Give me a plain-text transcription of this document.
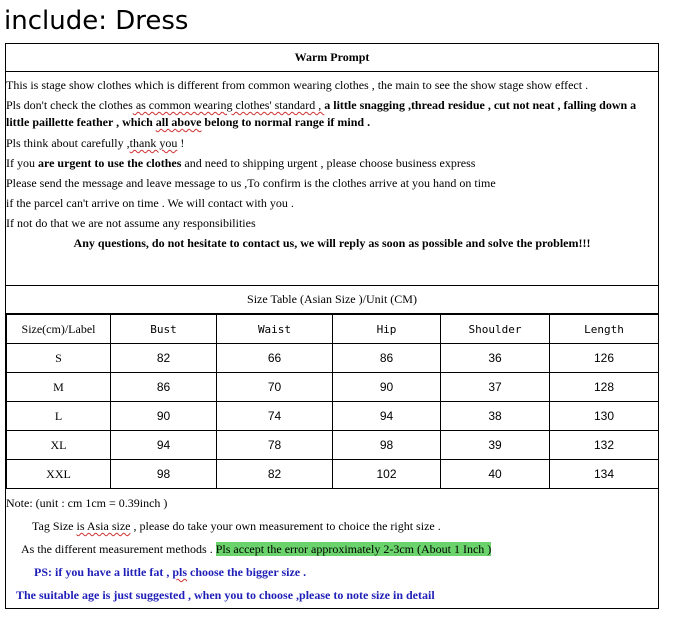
include: Dress
Warm Prompt
This is stage show clothes which is different from common wearing clothes , the main to see the show stage show effect .
Pls don't check the clothes as common wearing clothes' standard , a little snagging ,thread residue , cut not neat , falling down a little paillette feather , which all above belong to normal range if mind .
Pls think about carefully ,thank you !
If you are urgent to use the clothes and need to shipping urgent , please choose business express
Please send the message and leave message to us ,To confirm is the clothes arrive at you hand on time
if the parcel can't arrive on time . We will contact with you .
If not do that we are not assume any responsibilities
Any questions, do not hesitate to contact us, we will reply as soon as possible and solve the problem!!!
Size Table (Asian Size )/Unit (CM)
Size(cm)/Label	Bust	Waist	Hip	Shoulder	Length
S	82	66	86	36	126
M	86	70	90	37	128
L	90	74	94	38	130
XL	94	78	98	39	132
XXL	98	82	102	40	134
Note: (unit : cm 1cm = 0.39inch )
Tag Size is Asia size , please do take your own measurement to choice the right size .
As the different measurement methods . Pls accept the error approximately 2-3cm (About 1 Inch )
PS: if you have a little fat , pls choose the bigger size .
The suitable age is just suggested , when you to choose ,please to note size in detail
